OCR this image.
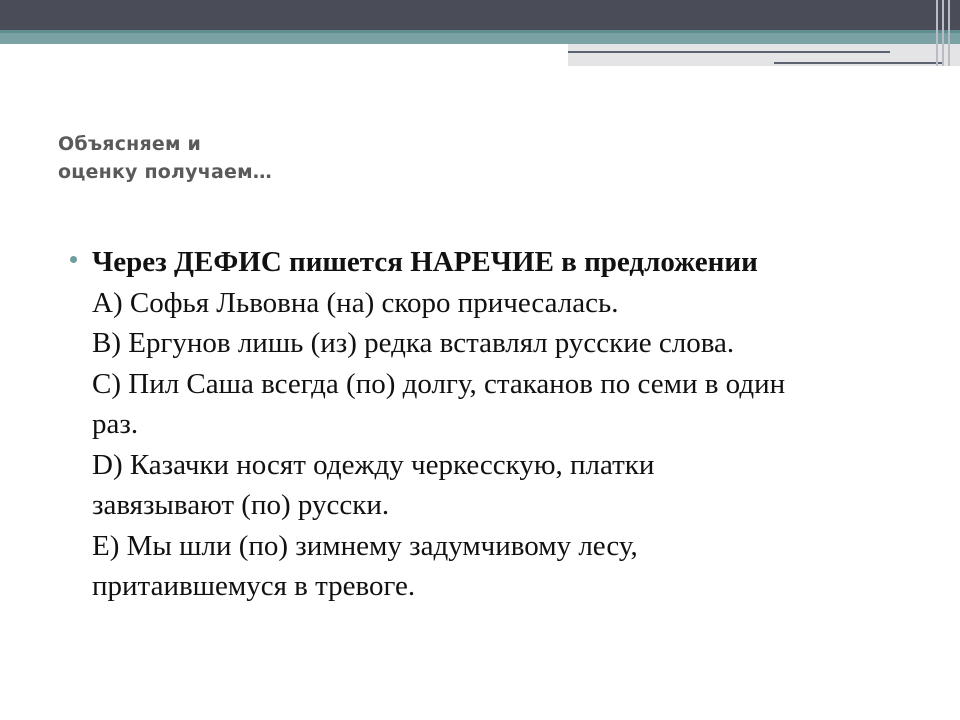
Объясняем и
оценку получаем…
Через ДЕФИС пишется НАРЕЧИЕ в предложении
А) Софья Львовна (на) скоро причесалась.
В) Ергунов лишь (из) редка вставлял русские слова.
С) Пил Саша всегда (по) долгу, стаканов по семи в один
раз.
D) Казачки носят одежду черкесскую, платки
завязывают (по) русски.
Е) Мы шли (по) зимнему задумчивому лесу,
притаившемуся в тревоге.
